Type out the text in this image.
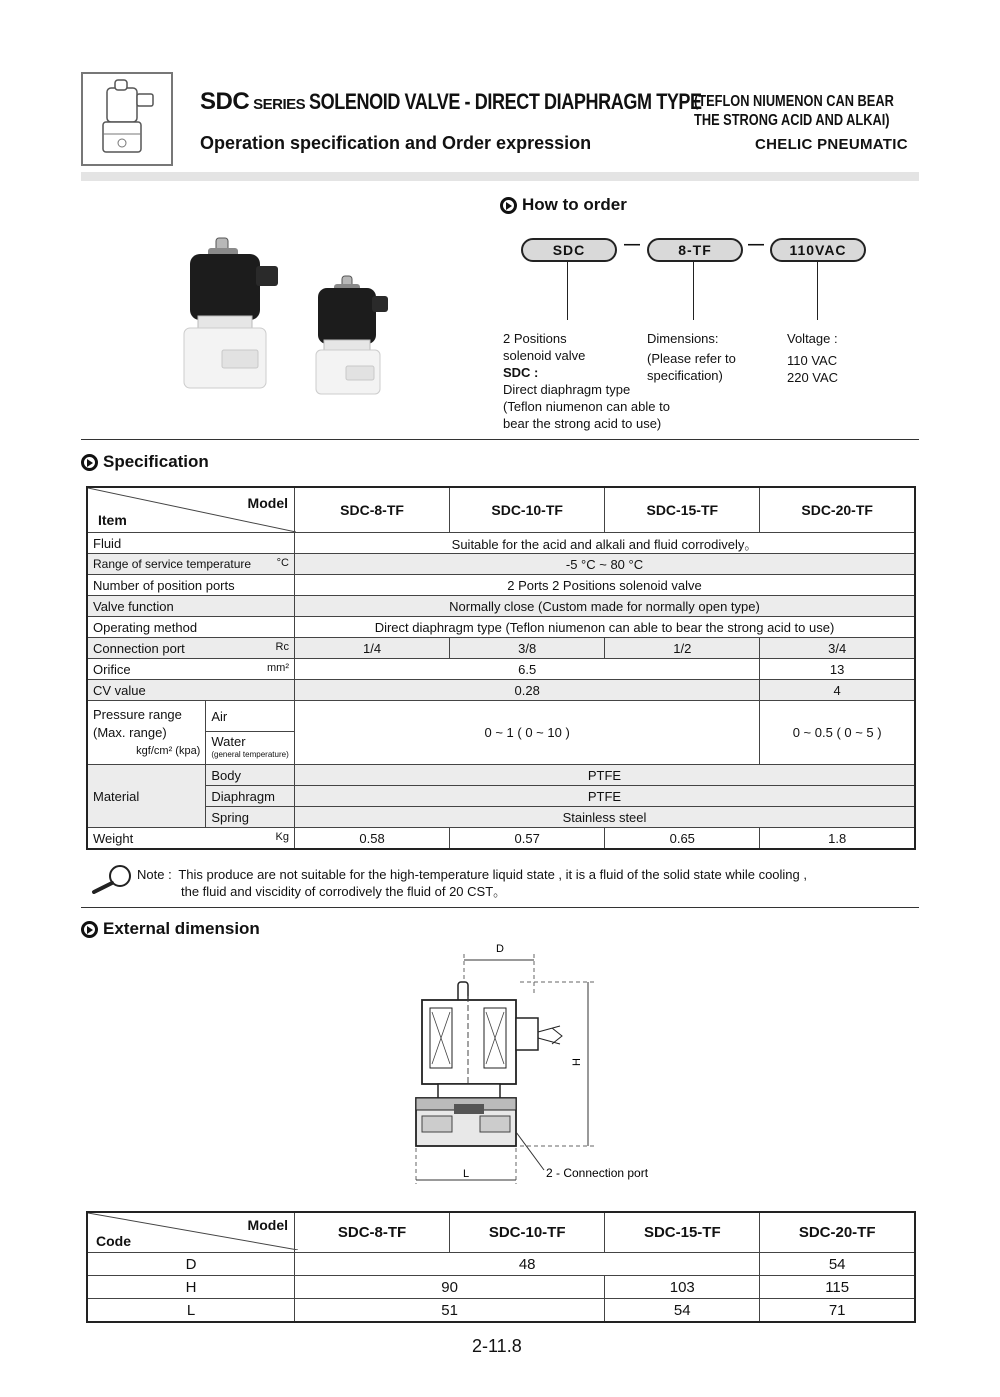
SDC SERIES SOLENOID VALVE - DIRECT DIAPHRAGM TYPE
(TEFLON NIUMENON CAN BEAR THE STRONG ACID AND ALKAI)
Operation specification and Order expression	CHELIC PNEUMATIC
How to order
SDC	—	8-TF	—	110VAC
2 Positions
solenoid valve
SDC :
Direct diaphragm type
(Teflon niumenon can able to
bear the strong acid to use)
Dimensions:
(Please refer to
specification)
Voltage :
110 VAC
220 VAC
Specification
Model
Item		SDC-8-TF	SDC-10-TF	SDC-15-TF	SDC-20-TF
Fluid		Suitable for the acid and alkali and fluid corrodively。			
Range of service temperature °C		-5 °C ~ 80 °C			
Number of position ports		2 Ports 2 Positions solenoid valve			
Valve function		Normally close (Custom made for normally open type)			
Operating method		Direct diaphragm type (Teflon niumenon can able to bear the strong acid to use)			
Connection port Rc		1/4	3/8	1/2	3/4
Orifice mm²		6.5			13
CV value		0.28			4

Pressure range
(Max. range)
kgf/cm² (kpa)	Air	0 ~ 1 ( 0 ~ 10 )			0 ~ 0.5 ( 0 ~ 5 )

	Water
(general temperature)				

Material	Body	PTFE			
	Diaphragm	PTFE			
	Spring	Stainless steel			
Weight Kg		0.58	0.57	0.65	1.8
Note : This produce are not suitable for the high-temperature liquid state , it is a fluid of the solid state while cooling ,
the fluid and viscidity of corrodively the fluid of 20 CST。
External dimension
D
H
L	2 - Connection port
Model
Code	SDC-8-TF	SDC-10-TF	SDC-15-TF	SDC-20-TF
D	48			54
H	90		103	115
L	51		54	71
2-11.8
